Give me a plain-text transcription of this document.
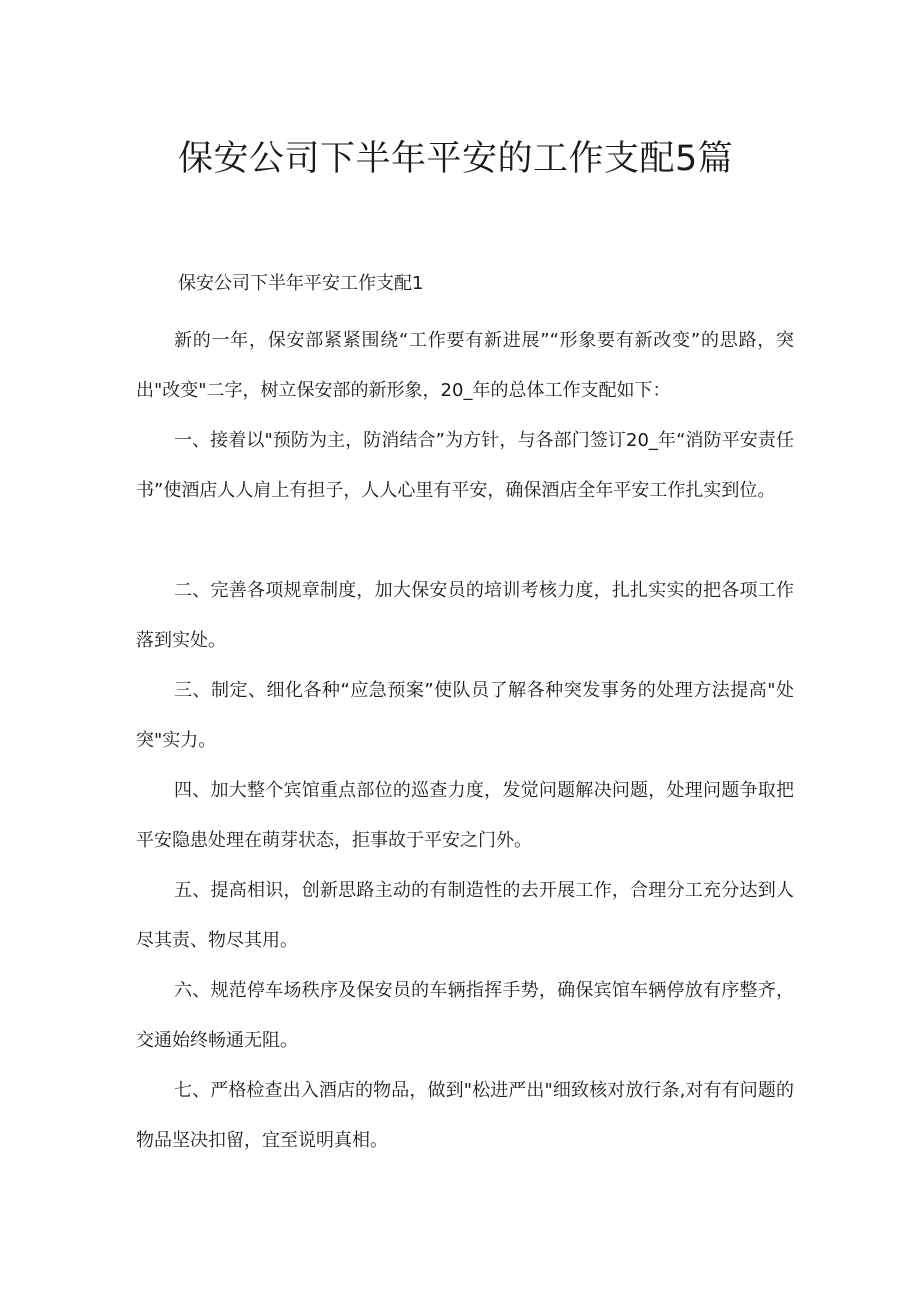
保安公司下半年平安的工作支配5篇
保安公司下半年平安工作支配1

新的一年，保安部紧紧围绕“工作要有新进展”“形象要有新改变”的思路，突出"改变"二字，树立保安部的新形象，20_年的总体工作支配如下：

一、接着以"预防为主，防消结合”为方针，与各部门签订20_年“消防平安责任书”使酒店人人肩上有担子，人人心里有平安，确保酒店全年平安工作扎实到位。

二、完善各项规章制度，加大保安员的培训考核力度，扎扎实实的把各项工作落到实处。

三、制定、细化各种“应急预案”使队员了解各种突发事务的处理方法提高"处突"实力。

四、加大整个宾馆重点部位的巡查力度，发觉问题解决问题，处理问题争取把平安隐患处理在萌芽状态，拒事故于平安之门外。

五、提高相识，创新思路主动的有制造性的去开展工作，合理分工充分达到人尽其责、物尽其用。

六、规范停车场秩序及保安员的车辆指挥手势，确保宾馆车辆停放有序整齐，交通始终畅通无阻。

七、严格检查出入酒店的物品，做到"松进严出"细致核对放行条,对有有问题的物品坚决扣留，宜至说明真相。
